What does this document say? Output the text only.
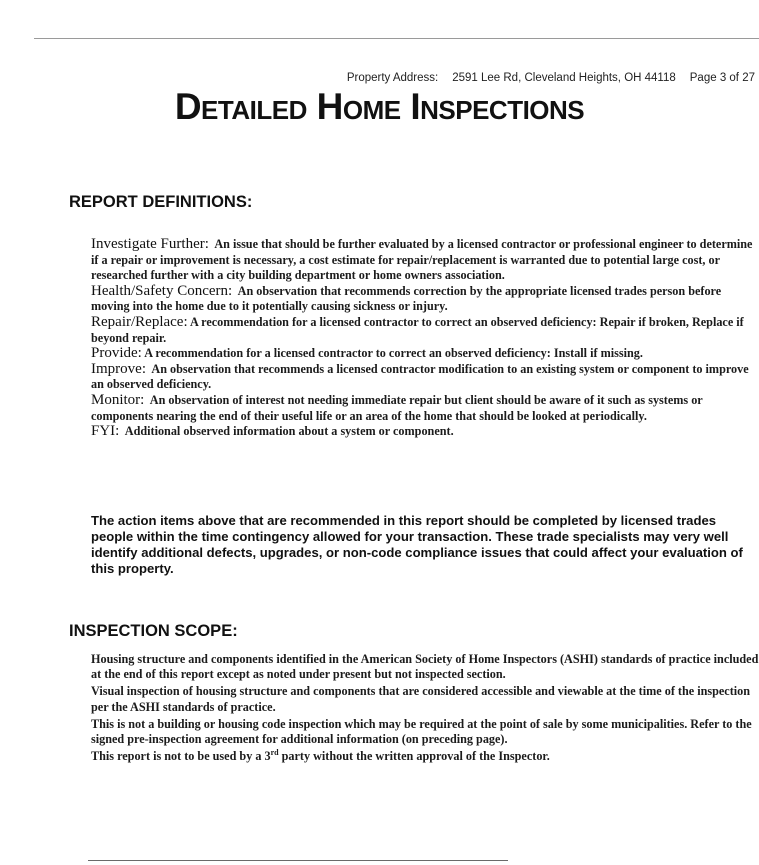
Property Address: 2591 Lee Rd, Cleveland Heights, OH 44118 Page 3 of 27
Detailed Home Inspections
REPORT DEFINITIONS:

Investigate Further: An issue that should be further evaluated by a licensed contractor or professional engineer to determine if a repair or improvement is necessary, a cost estimate for repair/replacement is warranted due to potential large cost, or researched further with a city building department or home owners association.

Health/Safety Concern: An observation that recommends correction by the appropriate licensed trades person before moving into the home due to it potentially causing sickness or injury.

Repair/Replace: A recommendation for a licensed contractor to correct an observed deficiency: Repair if broken, Replace if beyond repair.

Provide: A recommendation for a licensed contractor to correct an observed deficiency: Install if missing.

Improve: An observation that recommends a licensed contractor modification to an existing system or component to improve an observed deficiency.

Monitor: An observation of interest not needing immediate repair but client should be aware of it such as systems or components nearing the end of their useful life or an area of the home that should be looked at periodically.

FYI: Additional observed information about a system or component.

The action items above that are recommended in this report should be completed by licensed trades people within the time contingency allowed for your transaction. These trade specialists may very well identify additional defects, upgrades, or non-code compliance issues that could affect your evaluation of this property.
INSPECTION SCOPE:

Housing structure and components identified in the American Society of Home Inspectors (ASHI) standards of practice included at the end of this report except as noted under present but not inspected section.

Visual inspection of housing structure and components that are considered accessible and viewable at the time of the inspection per the ASHI standards of practice.

This is not a building or housing code inspection which may be required at the point of sale by some municipalities. Refer to the signed pre-inspection agreement for additional information (on preceding page).

This report is not to be used by a 3rd party without the written approval of the Inspector.
